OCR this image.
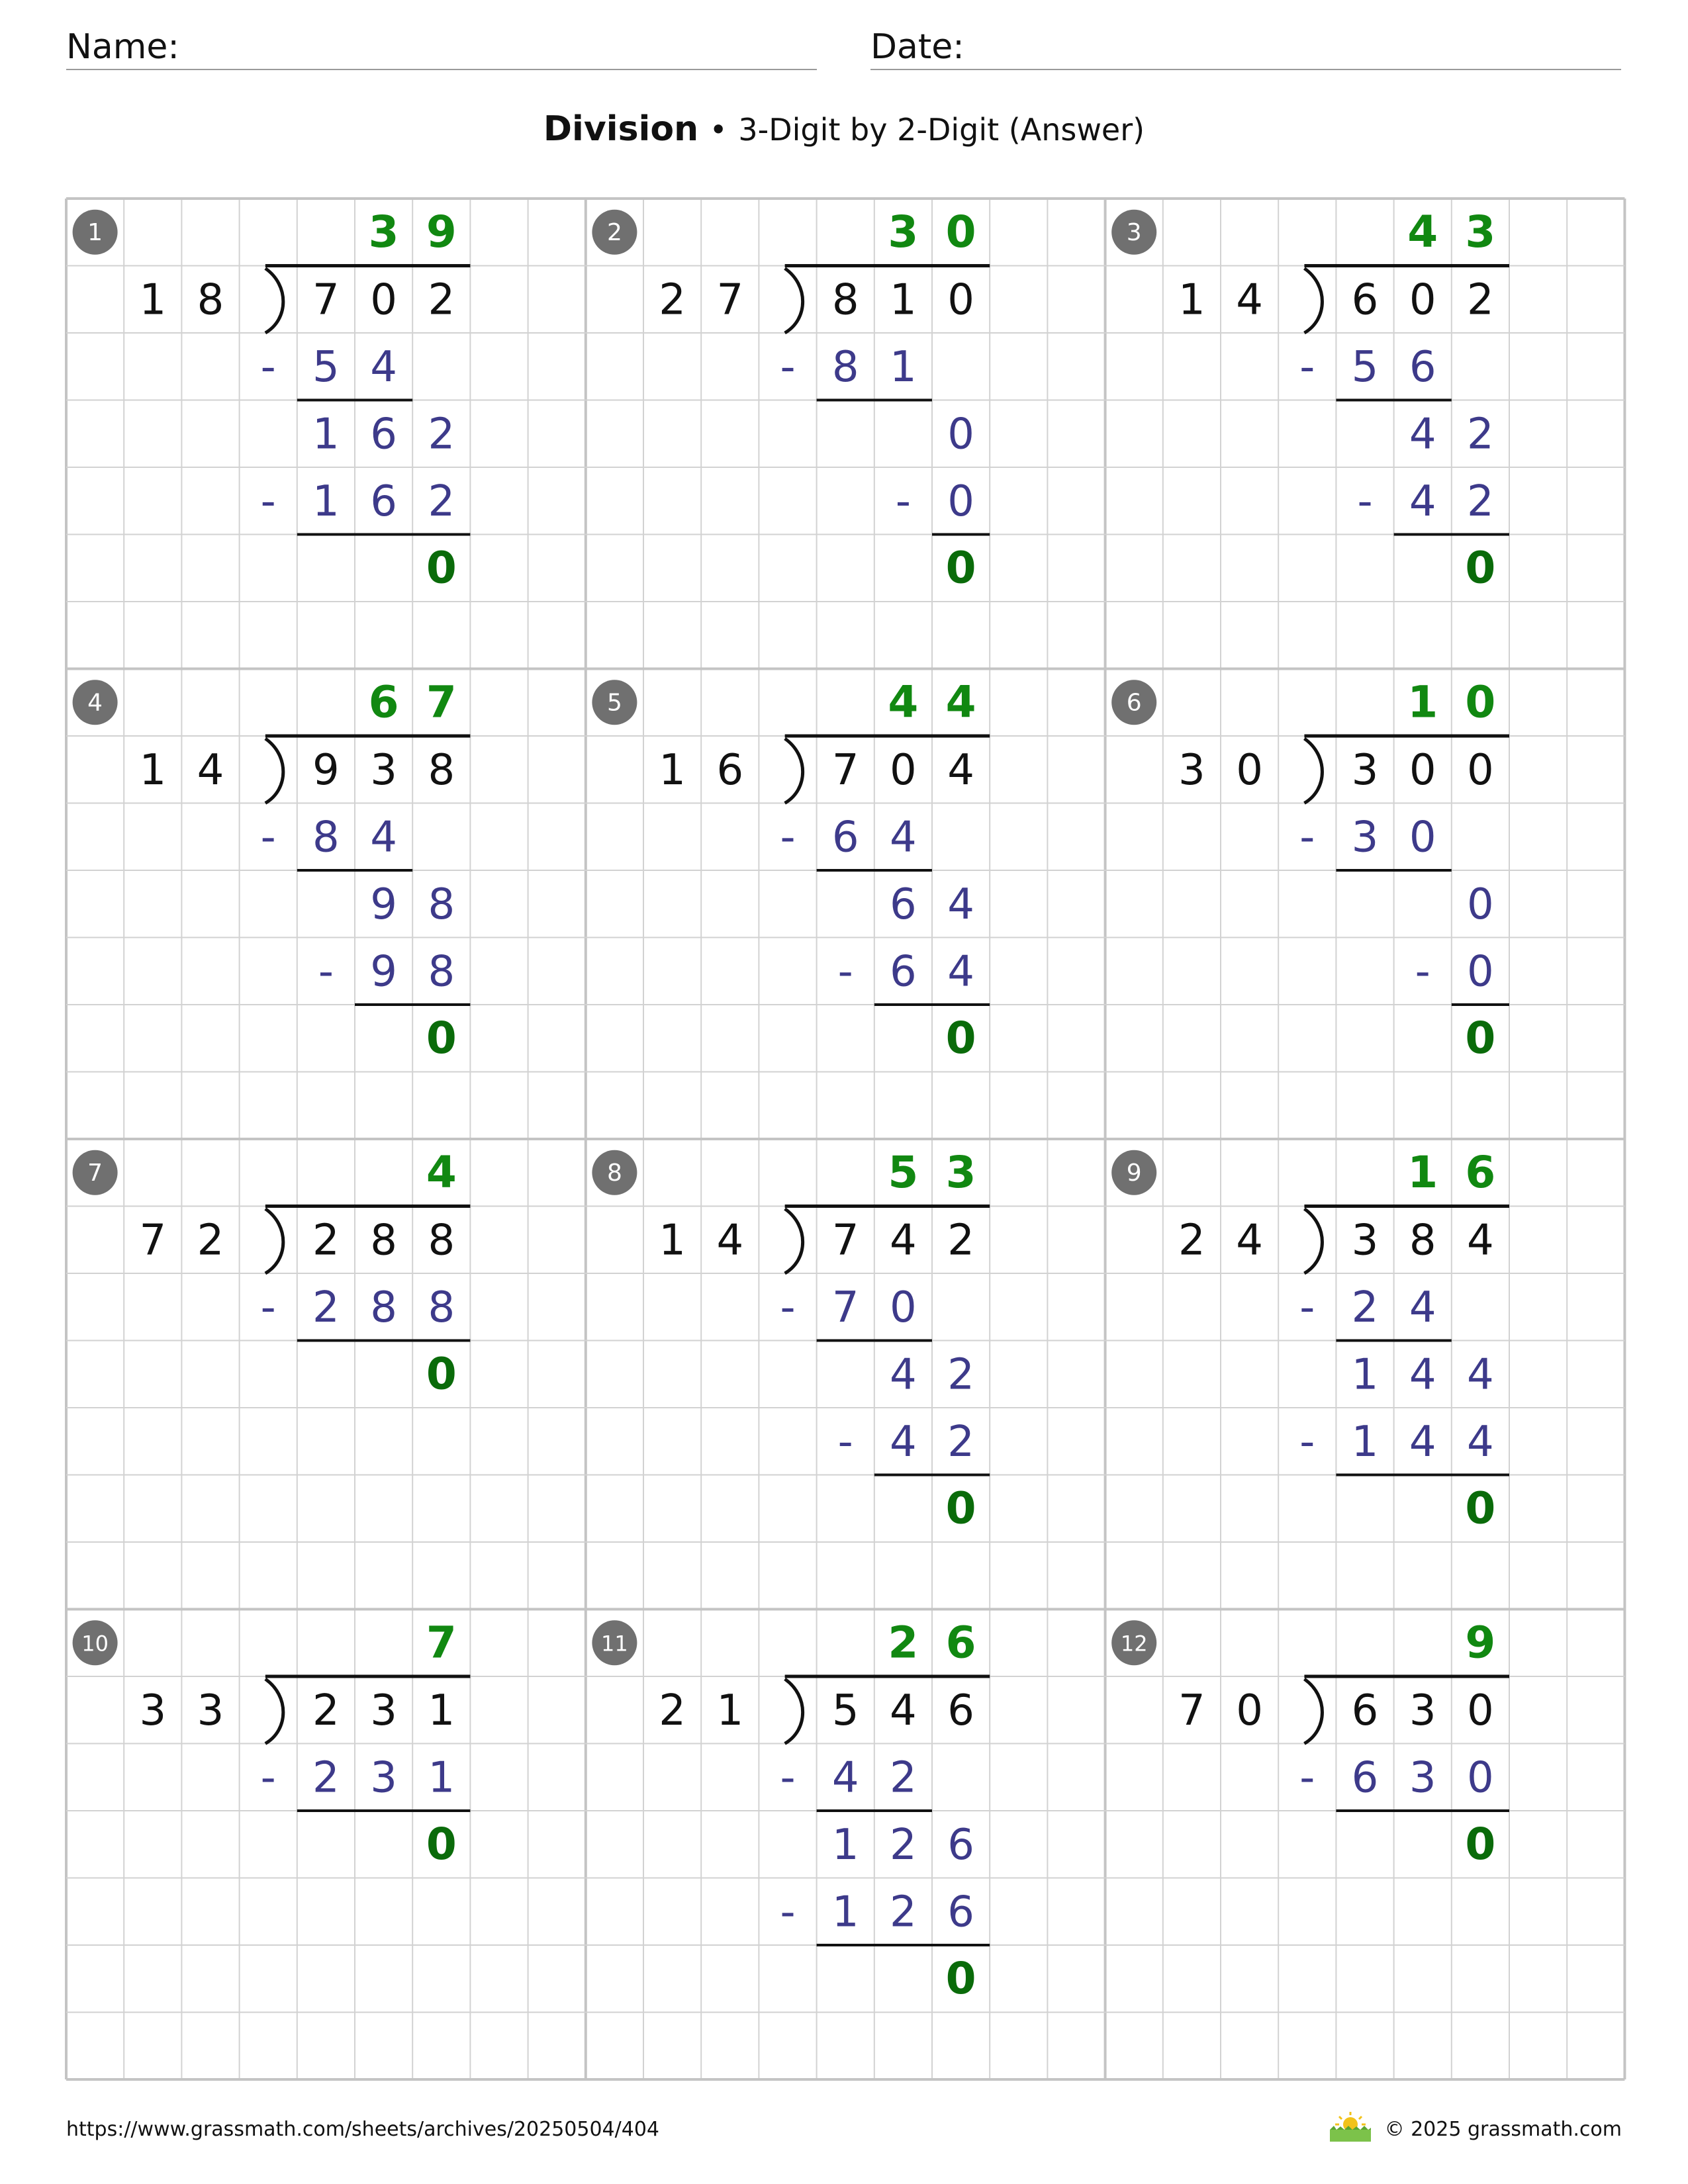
Name:	Date:
Division • 3-Digit by 2-Digit (Answer)
1
1 8 7 0 2
3 9
5 4
-
1 6 2
1 6 2
-
0
2
2 7 8 1 0
3 0
8 1
-
0
0
-
0
3
1 4 6 0 2
4 3
5 6
-
4 2
4 2
-
0
4
1 4 9 3 8
6 7
8 4
-
9 8
9 8
-
0
5
1 6 7 0 4
4 4
6 4
-
6 4
6 4
-
0
6
3 0 3 0 0
1 0
3 0
-
0
0
-
0
7
7 2 2 8 8
4
2 8 8
-
0
8
1 4 7 4 2
5 3
7 0
-
4 2
4 2
-
0
9
2 4 3 8 4
1 6
2 4
-
1 4 4
1 4 4
-
0
10
3 3 2 3 1
7
2 3 1
-
0
11
2 1 5 4 6
2 6
4 2
-
1 2 6
1 2 6
-
0
12
7 0 6 3 0
9
6 3 0
-
0
https://www.grassmath.com/sheets/archives/20250504/404	© 2025 grassmath.com
